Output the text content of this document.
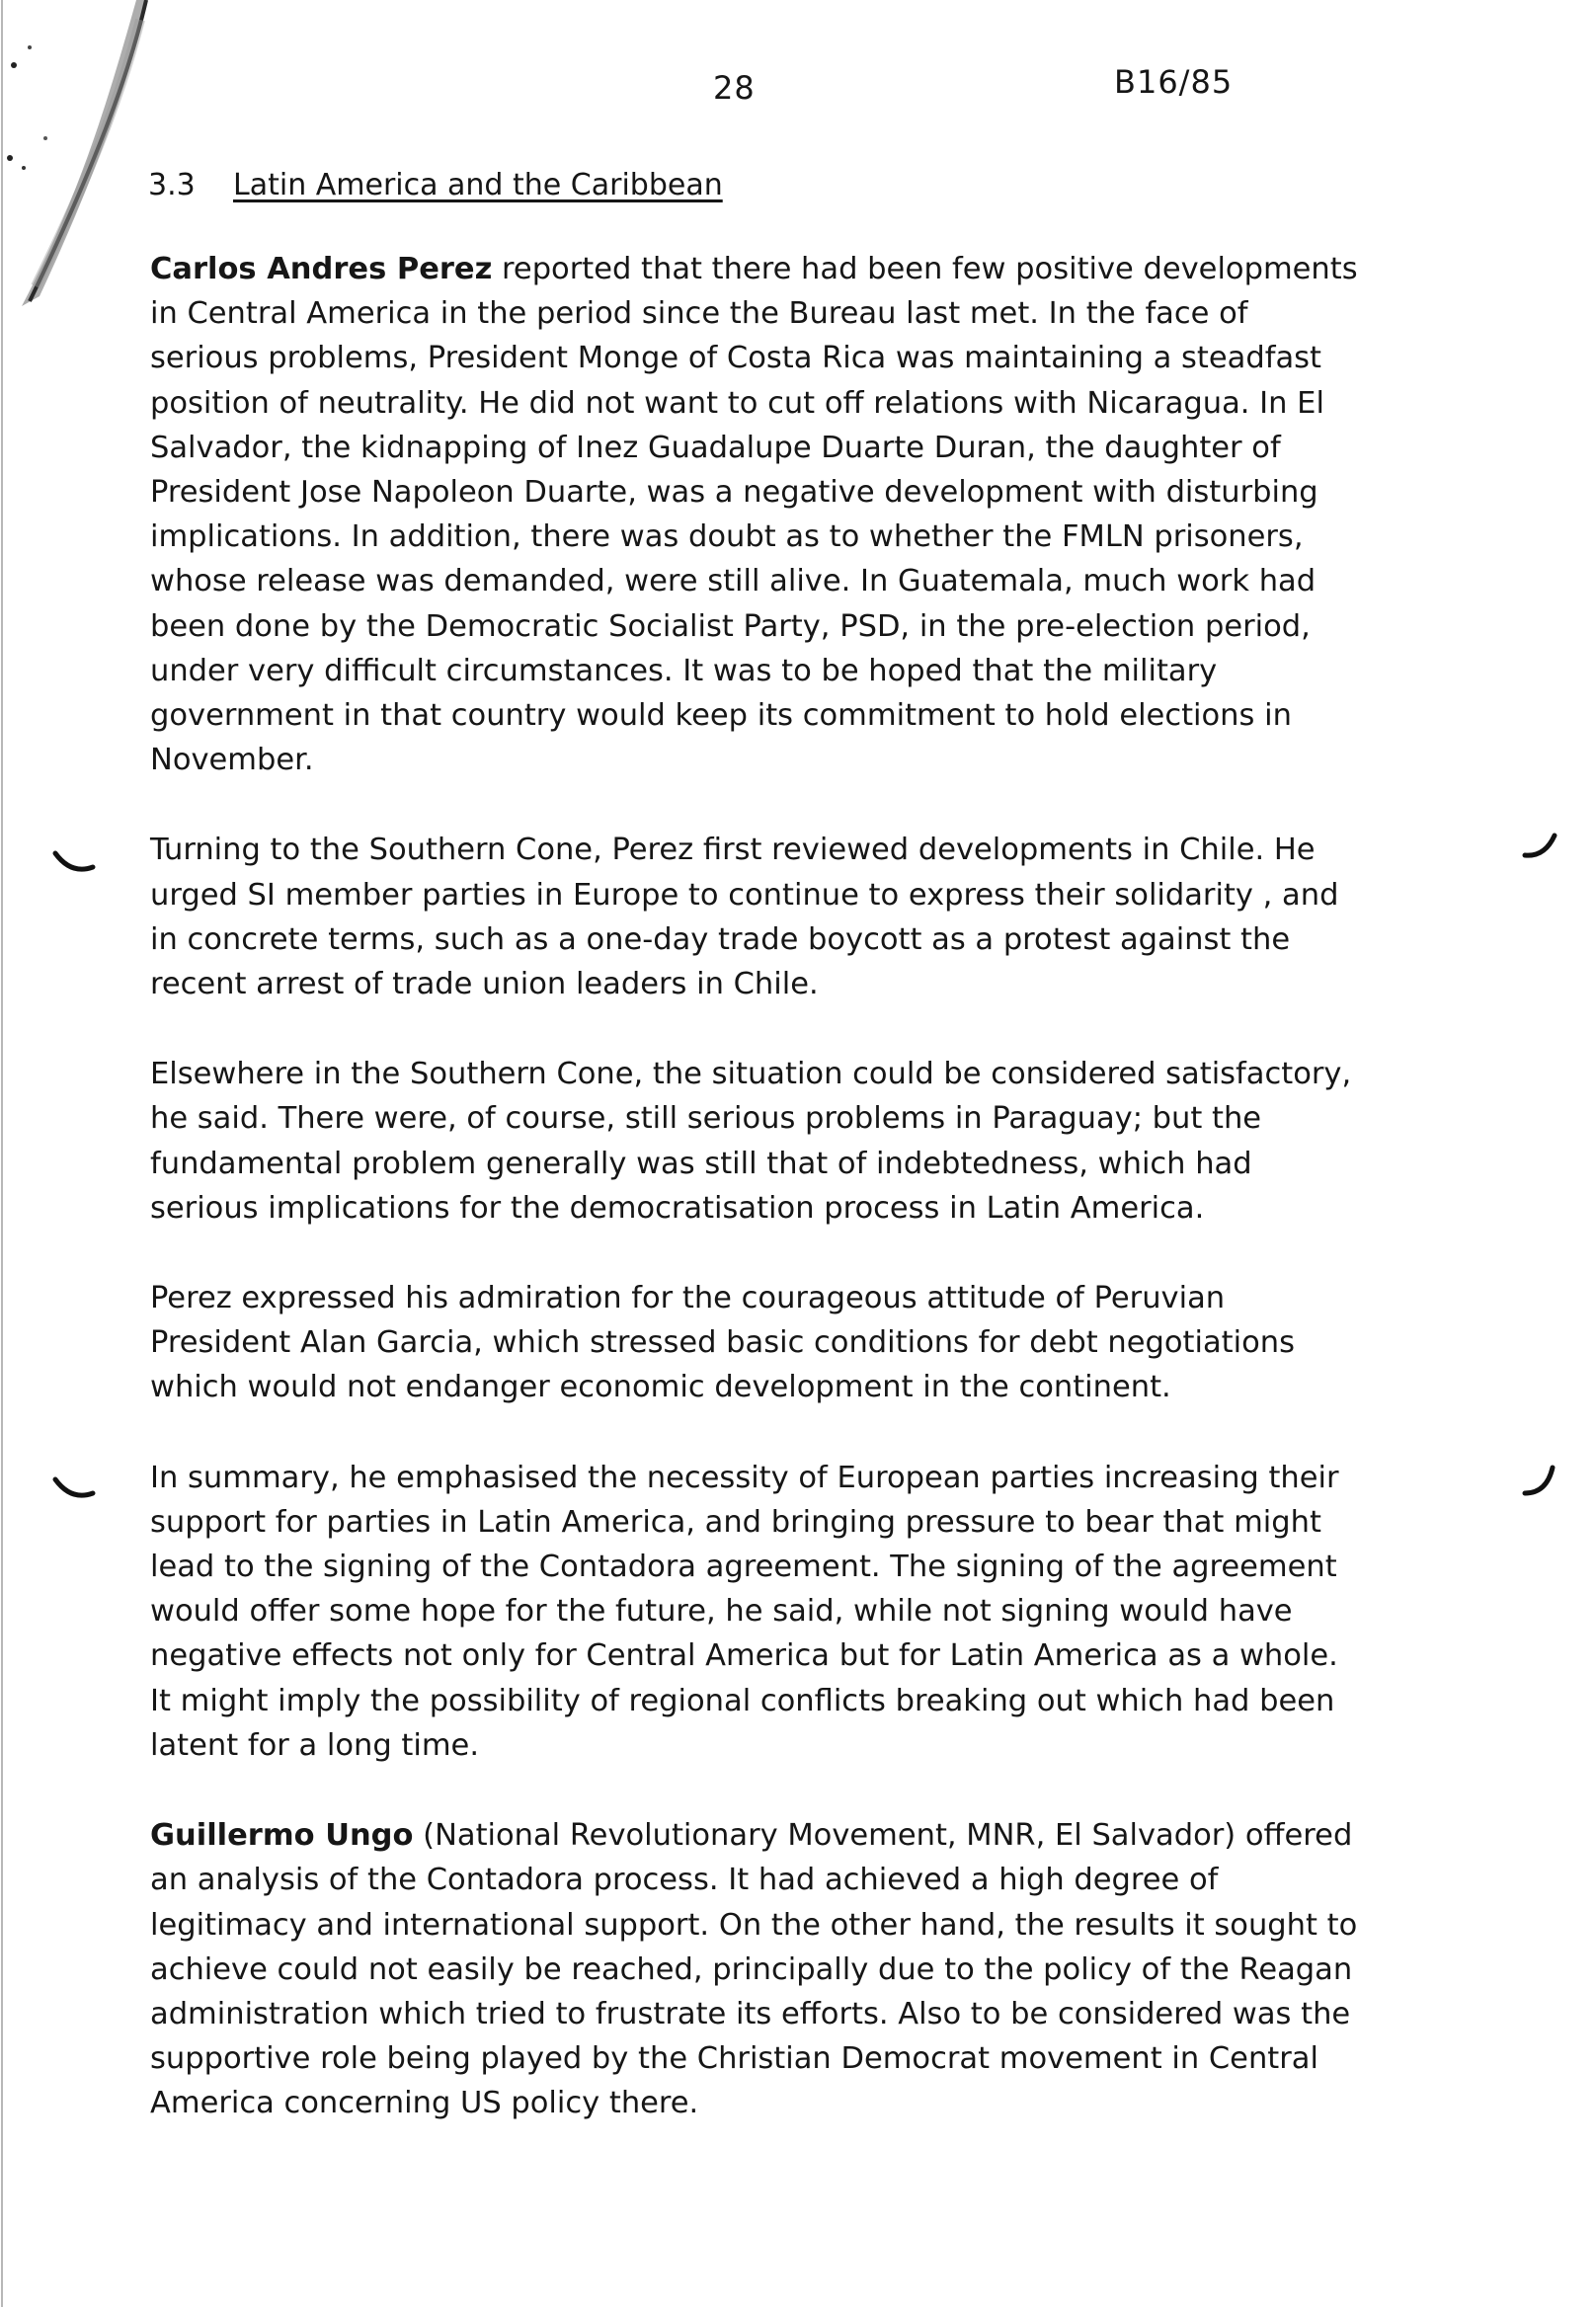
28	B16/85
3.3 Latin America and the Caribbean

Carlos Andres Perez reported that there had been few positive developments in Central America in the period since the Bureau last met. In the face of serious problems, President Monge of Costa Rica was maintaining a steadfast position of neutrality. He did not want to cut off relations with Nicaragua. In El Salvador, the kidnapping of Inez Guadalupe Duarte Duran, the daughter of President Jose Napoleon Duarte, was a negative development with disturbing implications. In addition, there was doubt as to whether the FMLN prisoners, whose release was demanded, were still alive. In Guatemala, much work had been done by the Democratic Socialist Party, PSD, in the pre-election period, under very difficult circumstances. It was to be hoped that the military government in that country would keep its commitment to hold elections in November.

Turning to the Southern Cone, Perez first reviewed developments in Chile. He urged SI member parties in Europe to continue to express their solidarity , and in concrete terms, such as a one-day trade boycott as a protest against the recent arrest of trade union leaders in Chile.

Elsewhere in the Southern Cone, the situation could be considered satisfactory, he said. There were, of course, still serious problems in Paraguay; but the fundamental problem generally was still that of indebtedness, which had serious implications for the democratisation process in Latin America.

Perez expressed his admiration for the courageous attitude of Peruvian President Alan Garcia, which stressed basic conditions for debt negotiations which would not endanger economic development in the continent.

In summary, he emphasised the necessity of European parties increasing their support for parties in Latin America, and bringing pressure to bear that might lead to the signing of the Contadora agreement. The signing of the agreement would offer some hope for the future, he said, while not signing would have negative effects not only for Central America but for Latin America as a whole. It might imply the possibility of regional conflicts breaking out which had been latent for a long time.

Guillermo Ungo (National Revolutionary Movement, MNR, El Salvador) offered an analysis of the Contadora process. It had achieved a high degree of legitimacy and international support. On the other hand, the results it sought to achieve could not easily be reached, principally due to the policy of the Reagan administration which tried to frustrate its efforts. Also to be considered was the supportive role being played by the Christian Democrat movement in Central America concerning US policy there.
